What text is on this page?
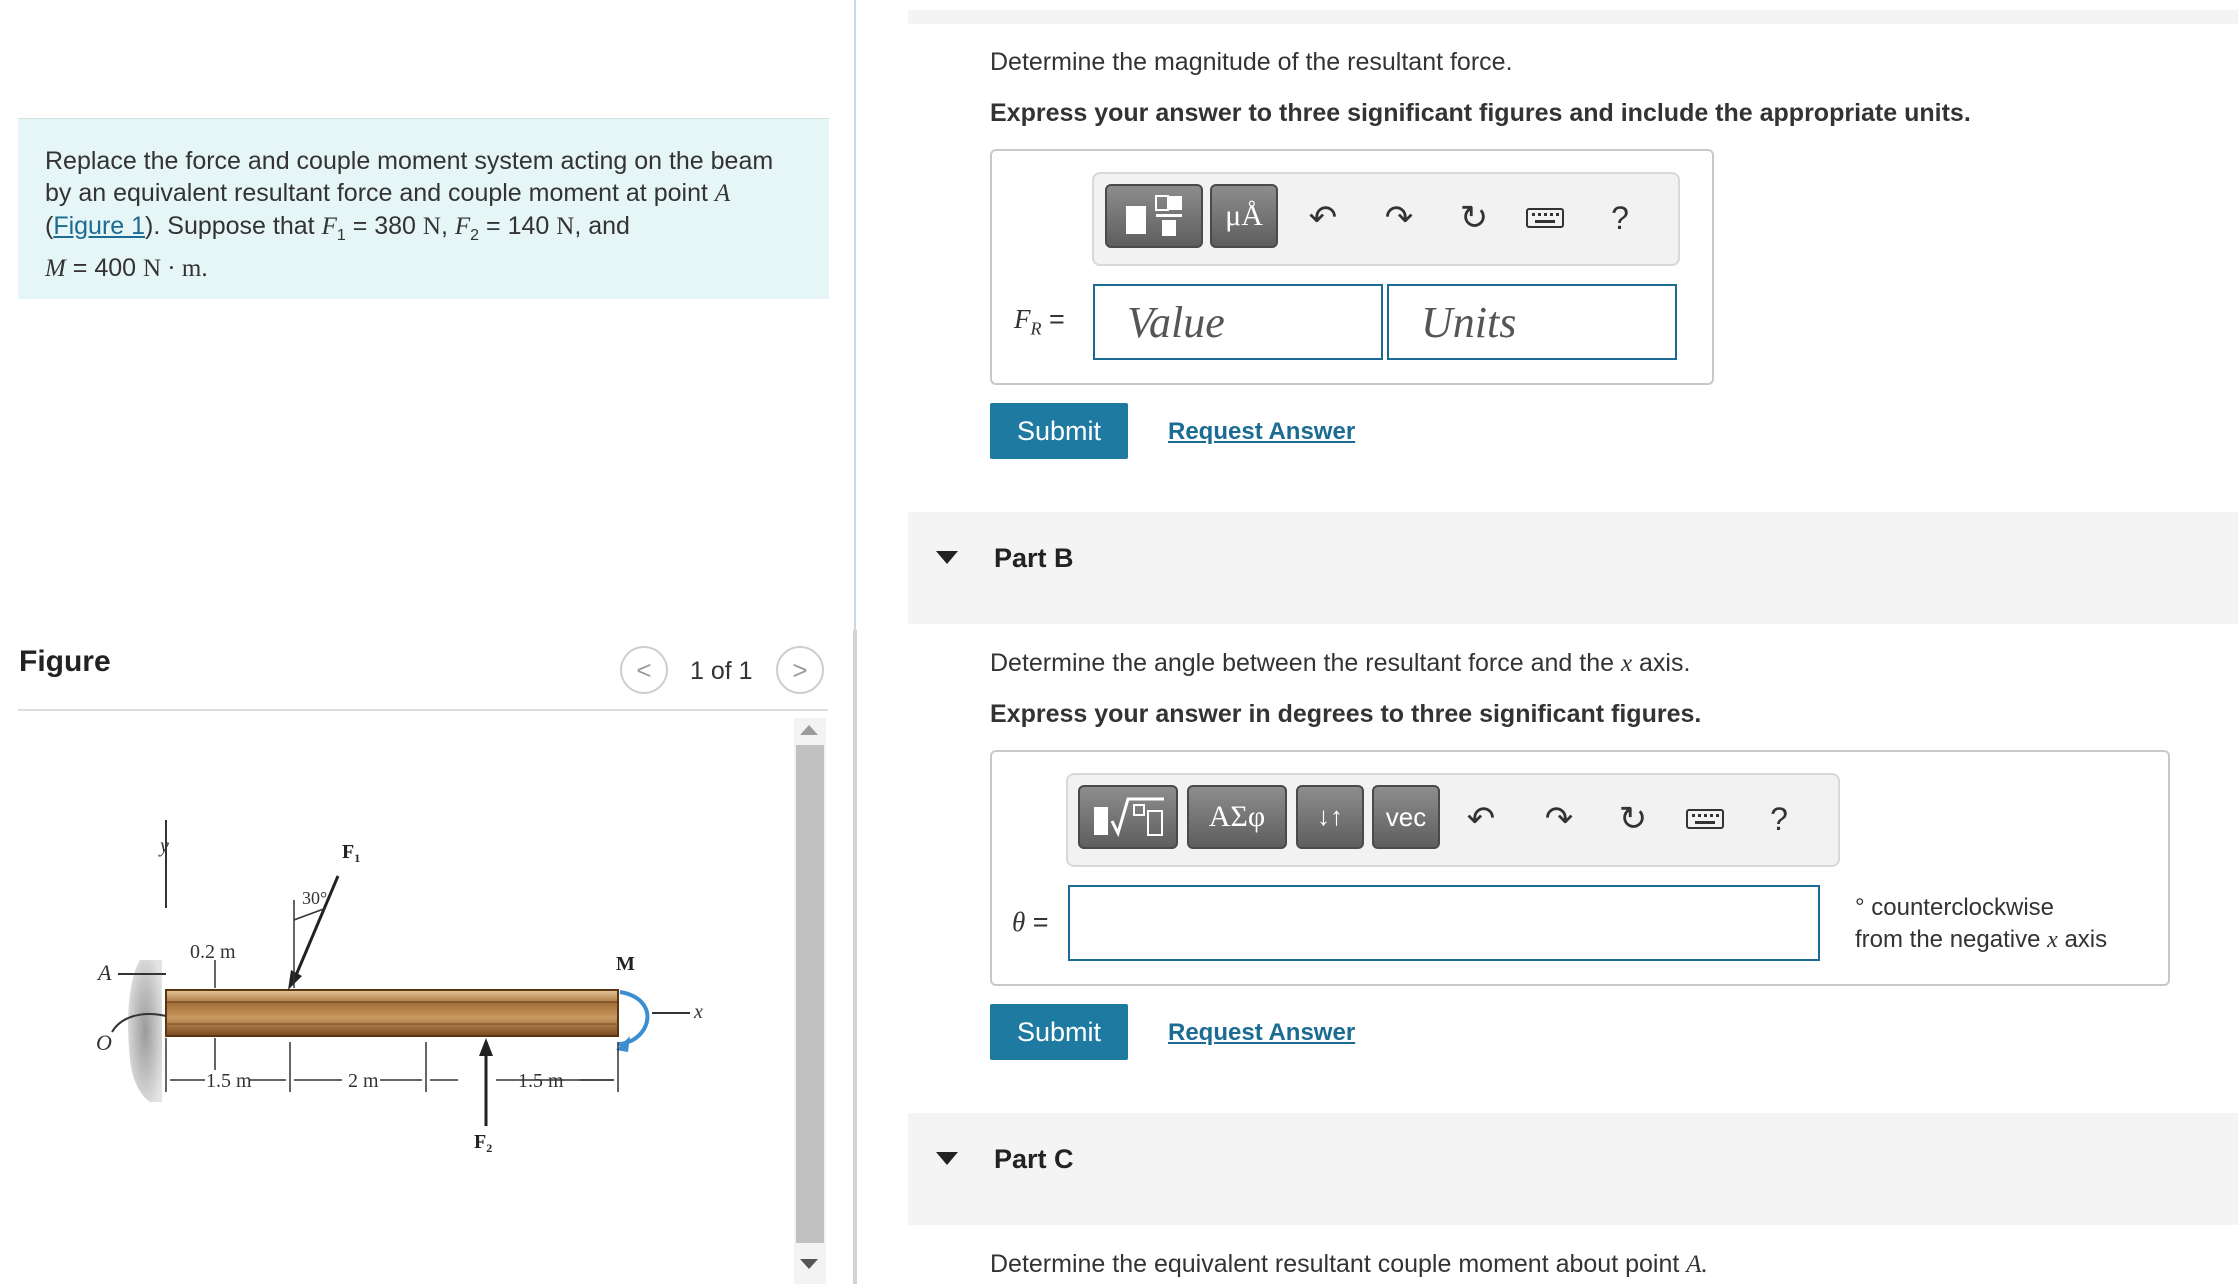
Replace the force and couple moment system acting on the beam
by an equivalent resultant force and couple moment at point A
(Figure 1). Suppose that $F_1 = 380$ N, $F_2 = 140$ N, and
M = 400 N · m.
Figure	< 1 of 1 >
y
A
O
0.2 m
30°
$F_1$
M
x
1.5 m	2 m	1.5 m
$F_2$
Determine the magnitude of the resultant force.
Express your answer to three significant figures and include the appropriate units.
μÅ	↶	↷	↻	?
$F_R$ =	Value	Units
Submit	Request Answer
Part B
Determine the angle between the resultant force and the x axis.
Express your answer in degrees to three significant figures.
ΑΣφ ↓↑ vec	↶	↷	↻	?
θ =	° counterclockwise
from the negative x axis
Submit	Request Answer
Part C
Determine the equivalent resultant couple moment about point A.
